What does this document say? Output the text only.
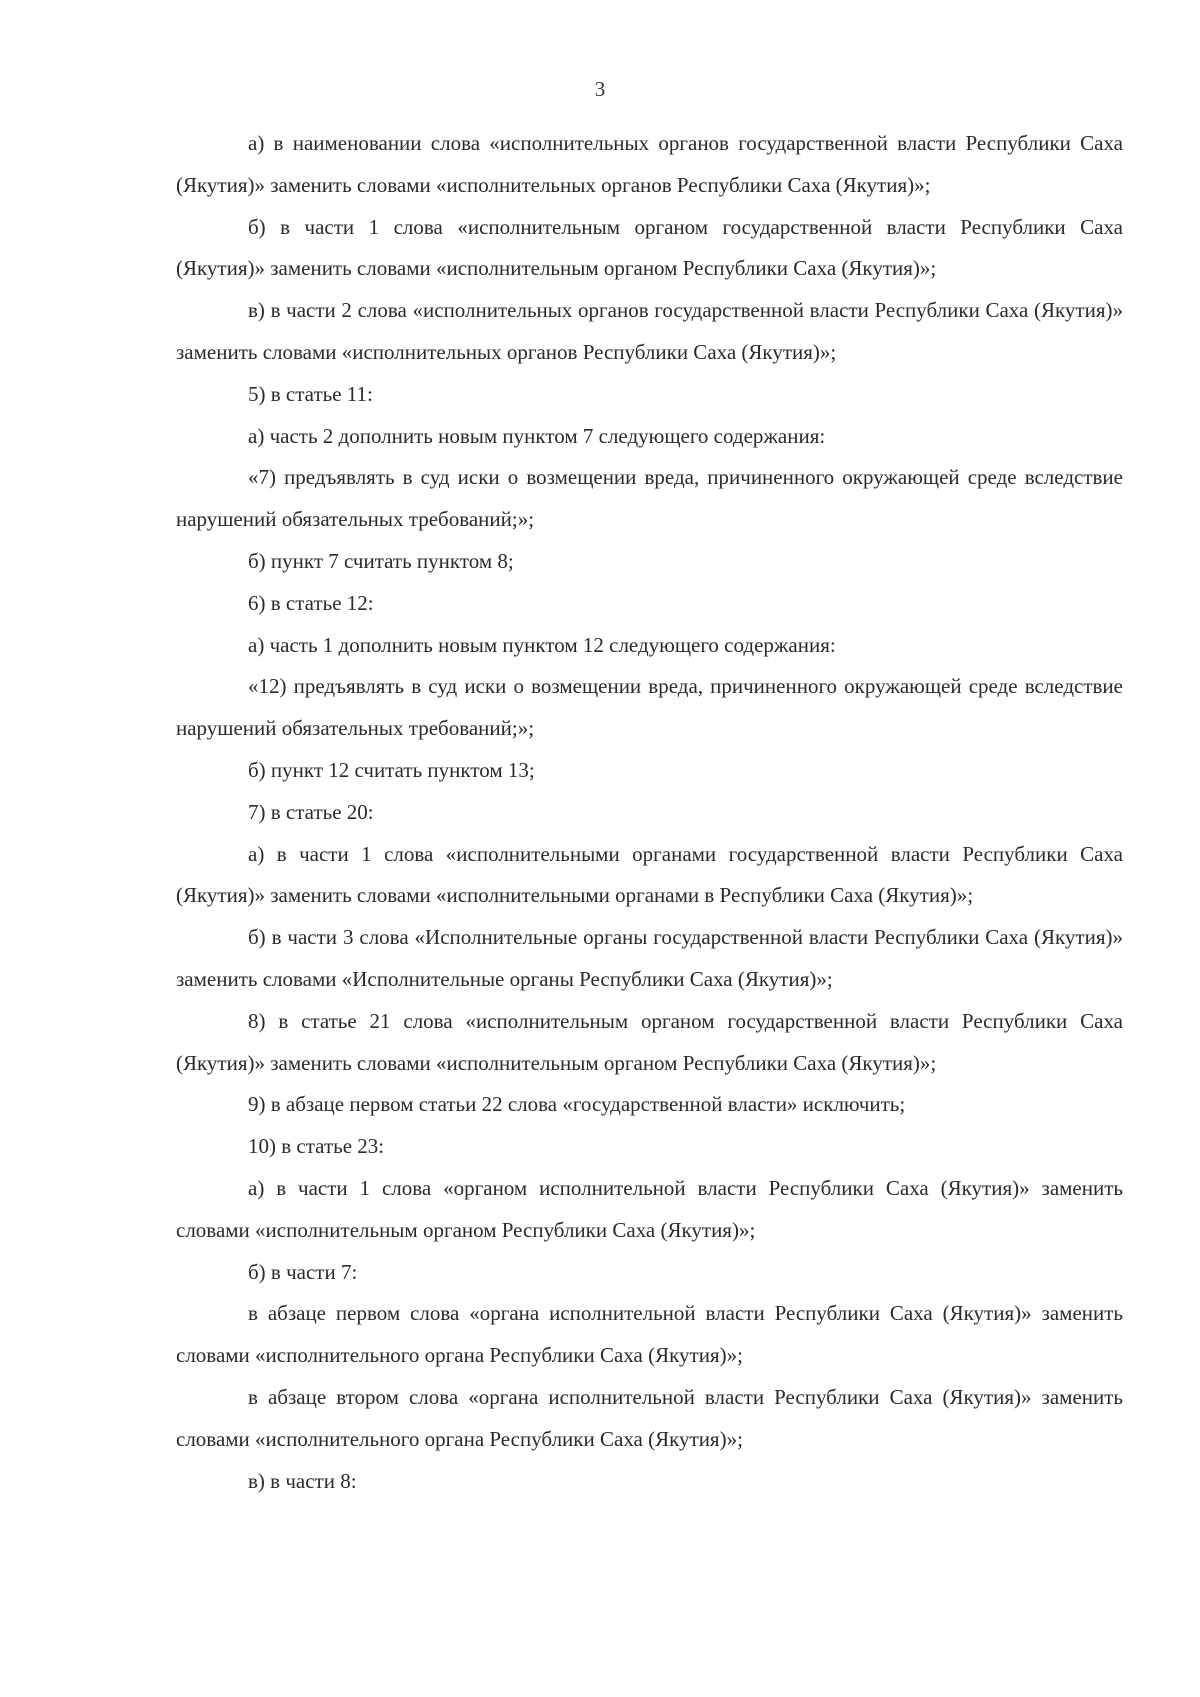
3

а) в наименовании слова «исполнительных органов государственной власти Республики Саха (Якутия)» заменить словами «исполнительных органов Республики Саха (Якутия)»;

б) в части 1 слова «исполнительным органом государственной власти Республики Саха (Якутия)» заменить словами «исполнительным органом Республики Саха (Якутия)»;

в) в части 2 слова «исполнительных органов государственной власти Республики Саха (Якутия)» заменить словами «исполнительных органов Республики Саха (Якутия)»;

5) в статье 11:

а) часть 2 дополнить новым пунктом 7 следующего содержания:

«7) предъявлять в суд иски о возмещении вреда, причиненного окружающей среде вследствие нарушений обязательных требований;»;

б) пункт 7 считать пунктом 8;

6) в статье 12:

а) часть 1 дополнить новым пунктом 12 следующего содержания:

«12) предъявлять в суд иски о возмещении вреда, причиненного окружающей среде вследствие нарушений обязательных требований;»;

б) пункт 12 считать пунктом 13;

7) в статье 20:

а) в части 1 слова «исполнительными органами государственной власти Республики Саха (Якутия)» заменить словами «исполнительными органами в Республики Саха (Якутия)»;

б) в части 3 слова «Исполнительные органы государственной власти Республики Саха (Якутия)» заменить словами «Исполнительные органы Республики Саха (Якутия)»;

8) в статье 21 слова «исполнительным органом государственной власти Республики Саха (Якутия)» заменить словами «исполнительным органом Республики Саха (Якутия)»;

9) в абзаце первом статьи 22 слова «государственной власти» исключить;

10) в статье 23:

а) в части 1 слова «органом исполнительной власти Республики Саха (Якутия)» заменить словами «исполнительным органом Республики Саха (Якутия)»;

б) в части 7:

в абзаце первом слова «органа исполнительной власти Республики Саха (Якутия)» заменить словами «исполнительного органа Республики Саха (Якутия)»;

в абзаце втором слова «органа исполнительной власти Республики Саха (Якутия)» заменить словами «исполнительного органа Республики Саха (Якутия)»;

в) в части 8:
